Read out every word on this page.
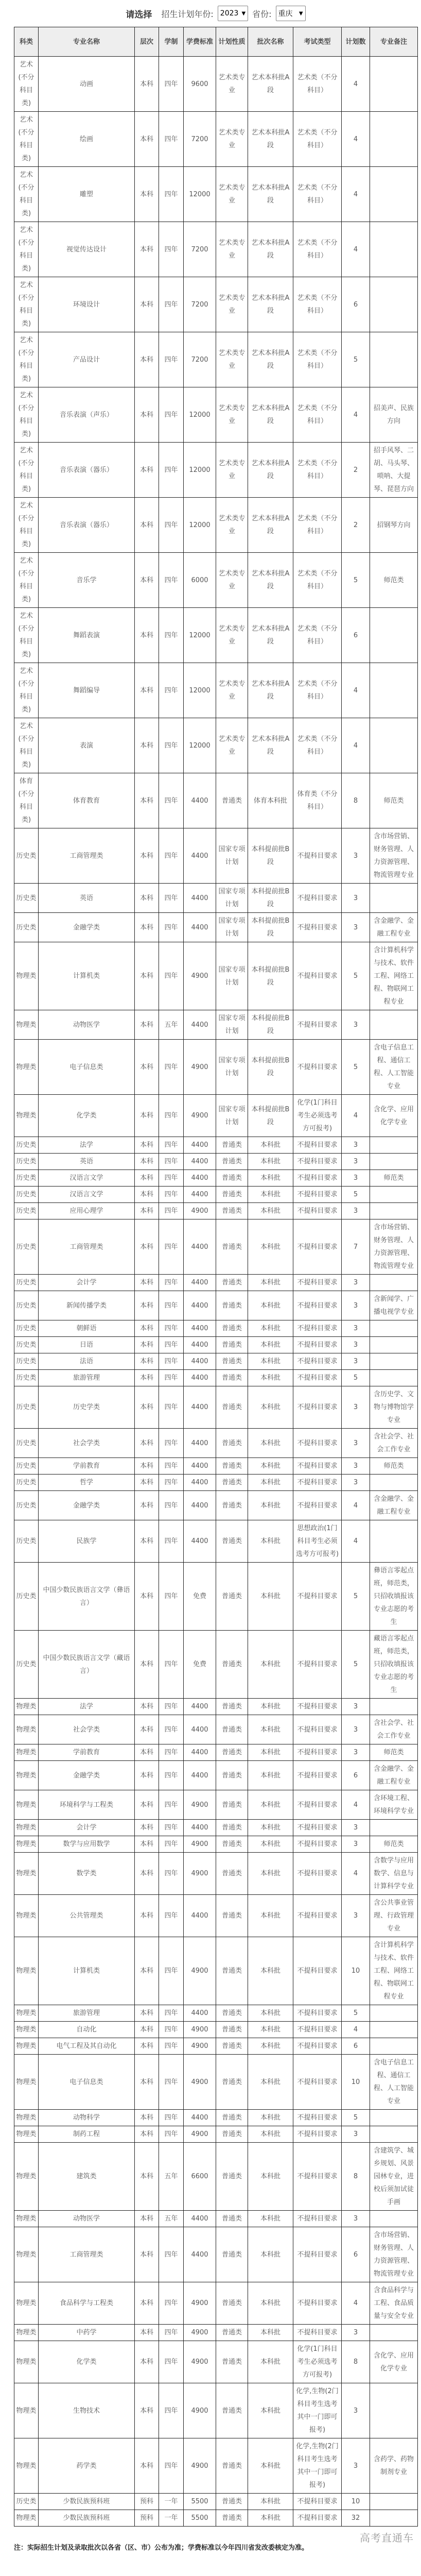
请选择 招生计划年份: 2023 ▼ 省份: 重庆 ▼
科类	专业名称	层次	学制	学费标准	计划性质	批次名称	考试类型	计划数	专业备注
艺术(不分科目类)	动画	本科	四年	9600	艺术类专业	艺术本科批A段	艺术类（不分科目）	4	
艺术(不分科目类)	绘画	本科	四年	7200	艺术类专业	艺术本科批A段	艺术类（不分科目）	4	
艺术(不分科目类)	雕塑	本科	四年	12000	艺术类专业	艺术本科批A段	艺术类（不分科目）	4	
艺术(不分科目类)	视觉传达设计	本科	四年	7200	艺术类专业	艺术本科批A段	艺术类（不分科目）	4	
艺术(不分科目类)	环境设计	本科	四年	7200	艺术类专业	艺术本科批A段	艺术类（不分科目）	6	
艺术(不分科目类)	产品设计	本科	四年	7200	艺术类专业	艺术本科批A段	艺术类（不分科目）	5	
艺术(不分科目类)	音乐表演（声乐）	本科	四年	12000	艺术类专业	艺术本科批A段	艺术类（不分科目）	4	招美声、民族方向
艺术(不分科目类)	音乐表演（器乐）	本科	四年	12000	艺术类专业	艺术本科批A段	艺术类（不分科目）	2	招手风琴、二胡、马头琴、唢呐、大提琴、琵琶方向
艺术(不分科目类)	音乐表演（器乐）	本科	四年	12000	艺术类专业	艺术本科批A段	艺术类（不分科目）	2	招钢琴方向
艺术(不分科目类)	音乐学	本科	四年	6000	艺术类专业	艺术本科批A段	艺术类（不分科目）	5	师范类
艺术(不分科目类)	舞蹈表演	本科	四年	12000	艺术类专业	艺术本科批A段	艺术类（不分科目）	6	
艺术(不分科目类)	舞蹈编导	本科	四年	12000	艺术类专业	艺术本科批A段	艺术类（不分科目）	4	
艺术(不分科目类)	表演	本科	四年	12000	艺术类专业	艺术本科批A段	艺术类（不分科目）	4	
体育(不分科目类)	体育教育	本科	四年	4400	普通类	体育本科批	体育类（不分科目）	8	师范类
历史类	工商管理类	本科	四年	4400	国家专项计划	本科提前批B段	不提科目要求	3	含市场营销、财务管理、人力资源管理、物流管理专业
历史类	英语	本科	四年	4400	国家专项计划	本科提前批B段	不提科目要求	3	
历史类	金融学类	本科	四年	4400	国家专项计划	本科提前批B段	不提科目要求	3	含金融学、金融工程专业
物理类	计算机类	本科	四年	4900	国家专项计划	本科提前批B段	不提科目要求	5	含计算机科学与技术、软件工程、网络工程、物联网工程专业
物理类	动物医学	本科	五年	4400	国家专项计划	本科提前批B段	不提科目要求	3	
物理类	电子信息类	本科	四年	4900	国家专项计划	本科提前批B段	不提科目要求	5	含电子信息工程、通信工程、人工智能专业
物理类	化学类	本科	四年	4900	国家专项计划	本科提前批B段	化学(1门科目考生必须选考方可报考)	4	含化学、应用化学专业
历史类	法学	本科	四年	4400	普通类	本科批	不提科目要求	3	
历史类	英语	本科	四年	4400	普通类	本科批	不提科目要求	3	
历史类	汉语言文学	本科	四年	4400	普通类	本科批	不提科目要求	3	师范类
历史类	汉语言文学	本科	四年	4400	普通类	本科批	不提科目要求	5	
历史类	应用心理学	本科	四年	4900	普通类	本科批	不提科目要求	3	
历史类	工商管理类	本科	四年	4400	普通类	本科批	不提科目要求	7	含市场营销、财务管理、人力资源管理、物流管理专业
历史类	会计学	本科	四年	4400	普通类	本科批	不提科目要求	3	
历史类	新闻传播学类	本科	四年	4400	普通类	本科批	不提科目要求	3	含新闻学、广播电视学专业
历史类	朝鲜语	本科	四年	4400	普通类	本科批	不提科目要求	3	
历史类	日语	本科	四年	4400	普通类	本科批	不提科目要求	3	
历史类	法语	本科	四年	4400	普通类	本科批	不提科目要求	3	
历史类	旅游管理	本科	四年	4400	普通类	本科批	不提科目要求	5	
历史类	历史学类	本科	四年	4400	普通类	本科批	不提科目要求	3	含历史学、文物与博物馆学专业
历史类	社会学类	本科	四年	4400	普通类	本科批	不提科目要求	3	含社会学、社会工作专业
历史类	学前教育	本科	四年	4400	普通类	本科批	不提科目要求	3	师范类
历史类	哲学	本科	四年	4400	普通类	本科批	不提科目要求	3	
历史类	金融学类	本科	四年	4400	普通类	本科批	不提科目要求	4	含金融学、金融工程专业
历史类	民族学	本科	四年	4400	普通类	本科批	思想政治(1门科目考生必须选考方可报考)	4	
历史类	中国少数民族语言文学（彝语言）	本科	四年	免费	普通类	本科批	不提科目要求	5	彝语言零起点班，师范类，只招收填报该专业志愿的考生
历史类	中国少数民族语言文学（藏语言）	本科	四年	免费	普通类	本科批	不提科目要求	5	藏语言零起点班，师范类，只招收填报该专业志愿的考生
物理类	法学	本科	四年	4400	普通类	本科批	不提科目要求	3	
物理类	社会学类	本科	四年	4400	普通类	本科批	不提科目要求	3	含社会学、社会工作专业
物理类	学前教育	本科	四年	4400	普通类	本科批	不提科目要求	3	师范类
物理类	金融学类	本科	四年	4400	普通类	本科批	不提科目要求	6	含金融学、金融工程专业
物理类	环境科学与工程类	本科	四年	4900	普通类	本科批	不提科目要求	4	含环境工程、环境科学专业
物理类	会计学	本科	四年	4400	普通类	本科批	不提科目要求	3	
物理类	数学与应用数学	本科	四年	4900	普通类	本科批	不提科目要求	3	师范类
物理类	数学类	本科	四年	4900	普通类	本科批	不提科目要求	4	含数学与应用数学、信息与计算科学专业
物理类	公共管理类	本科	四年	4400	普通类	本科批	不提科目要求	3	含公共事业管理、行政管理专业
物理类	计算机类	本科	四年	4900	普通类	本科批	不提科目要求	10	含计算机科学与技术、软件工程、网络工程、物联网工程专业
物理类	旅游管理	本科	四年	4400	普通类	本科批	不提科目要求	5	
物理类	自动化	本科	四年	4900	普通类	本科批	不提科目要求	4	
物理类	电气工程及其自动化	本科	四年	4900	普通类	本科批	不提科目要求	6	
物理类	电子信息类	本科	四年	4900	普通类	本科批	不提科目要求	10	含电子信息工程、通信工程、人工智能专业
物理类	动物科学	本科	四年	4400	普通类	本科批	不提科目要求	5	
物理类	制药工程	本科	四年	4900	普通类	本科批	不提科目要求	3	
物理类	建筑类	本科	五年	6600	普通类	本科批	不提科目要求	8	含建筑学、城乡规划、风景园林专业，进校后须加试徒手画
物理类	动物医学	本科	五年	4400	普通类	本科批	不提科目要求	3	
物理类	工商管理类	本科	四年	4400	普通类	本科批	不提科目要求	6	含市场营销、财务管理、人力资源管理、物流管理专业
物理类	食品科学与工程类	本科	四年	4900	普通类	本科批	不提科目要求	4	含食品科学与工程、食品质量与安全专业
物理类	中药学	本科	四年	4900	普通类	本科批	不提科目要求	3	
物理类	化学类	本科	四年	4900	普通类	本科批	化学(1门科目考生必须选考方可报考)	8	含化学、应用化学专业
物理类	生物技术	本科	四年	4900	普通类	本科批	化学,生物(2门科目考生选考其中一门即可报考)	3	
物理类	药学类	本科	四年	4900	普通类	本科批	化学,生物(2门科目考生选考其中一门即可报考)	3	含药学、药物制剂专业
历史类	少数民族预科班	预科	一年	5500	普通类	本科批	不提科目要求	10	
物理类	少数民族预科班	预科	一年	5500	普通类	本科批	不提科目要求	32	
高考直通车
注：实际招生计划及录取批次以各省（区、市）公布为准；学费标准以今年四川省发改委核定为准。
